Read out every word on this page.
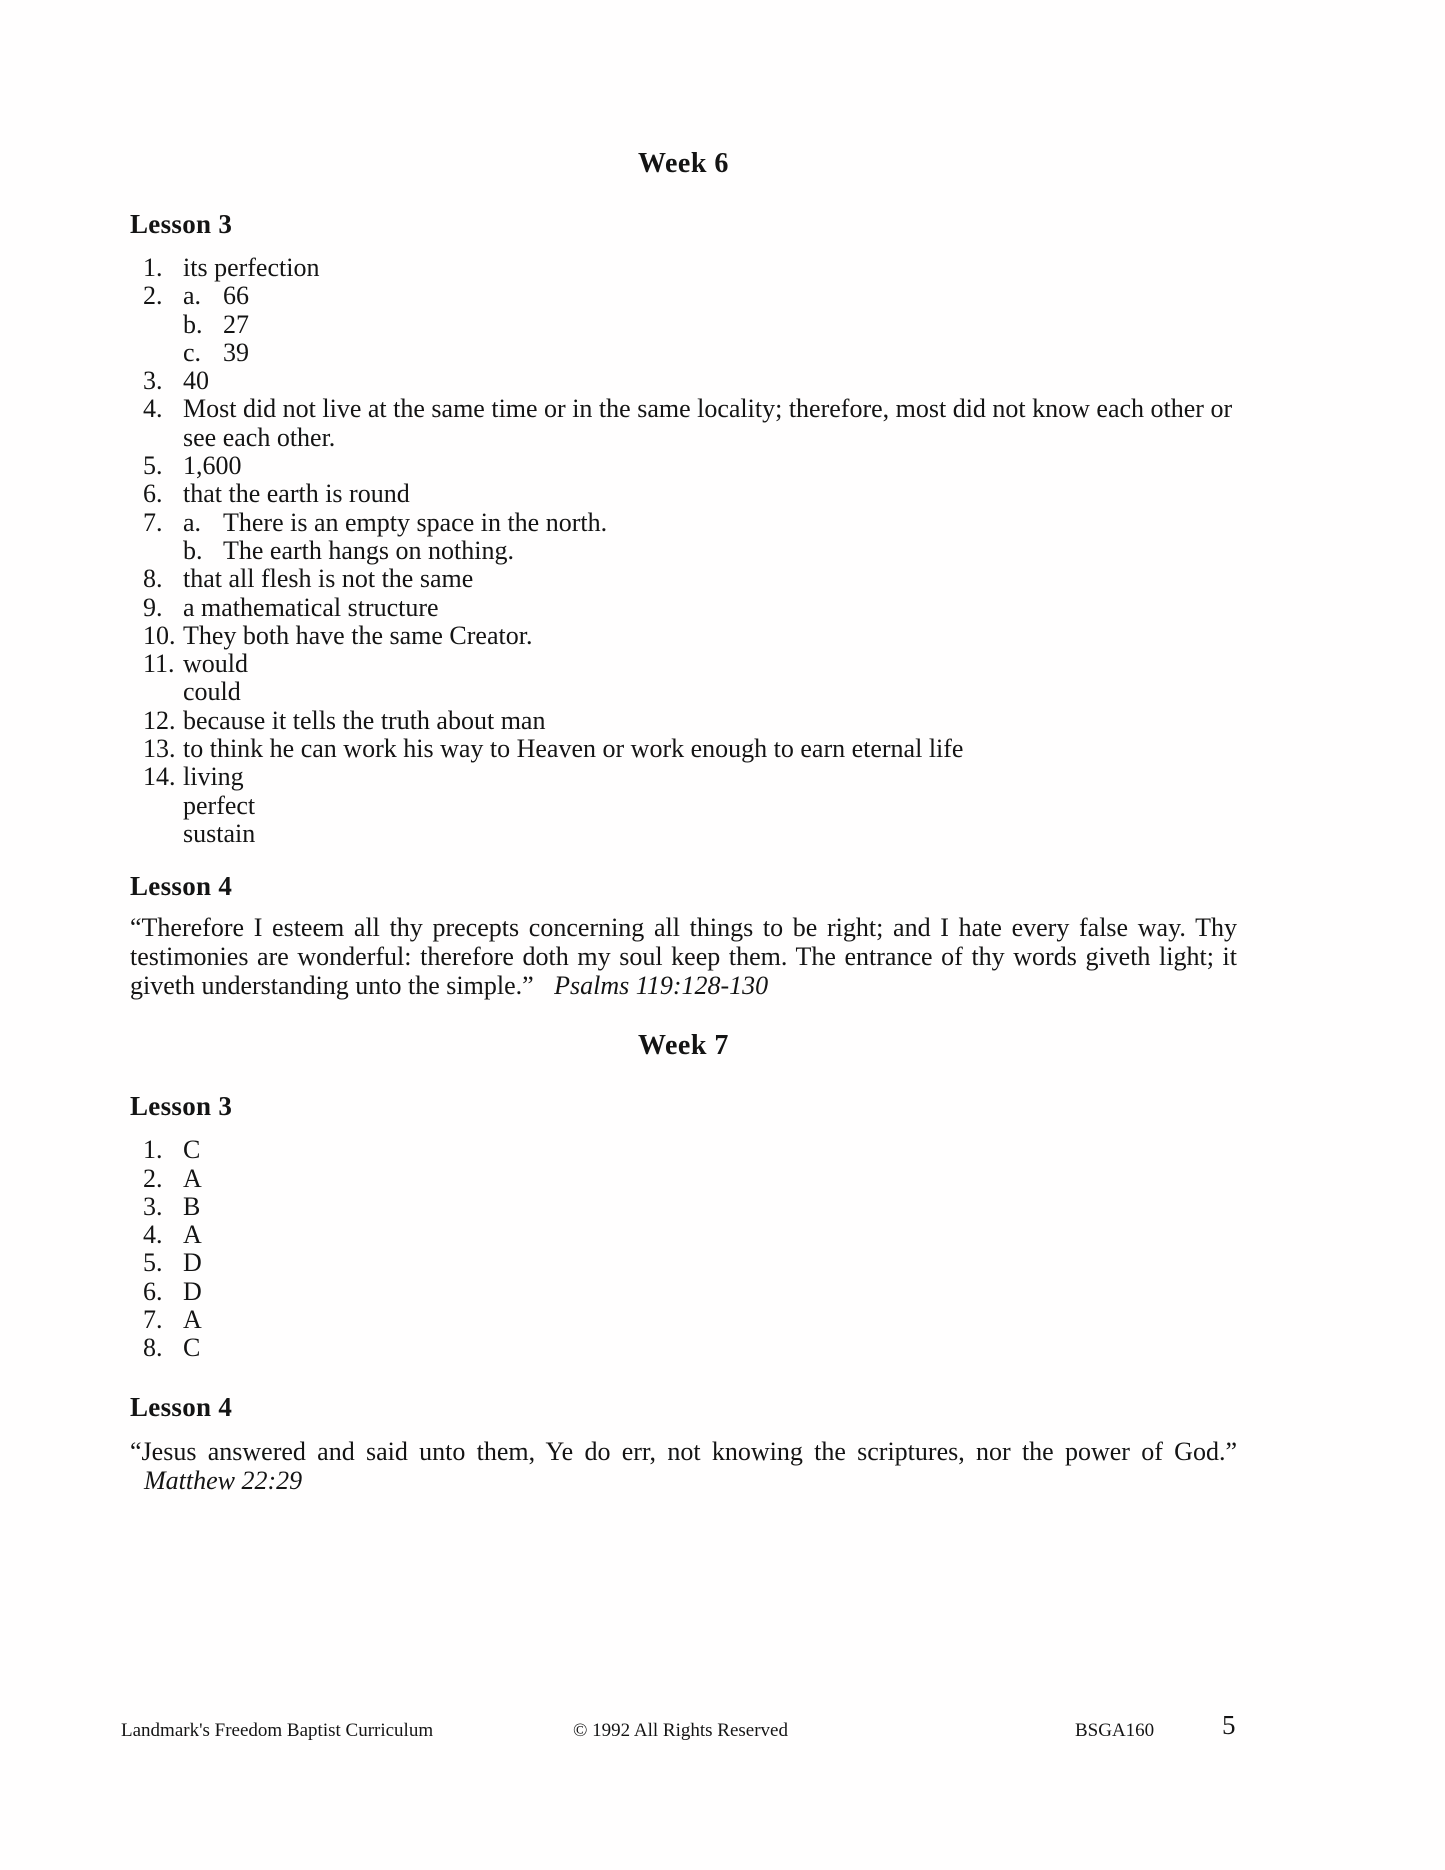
Week 6
Lesson 3
1. its perfection
2. a. 66
b. 27
c. 39
3. 40
4. Most did not live at the same time or in the same locality; therefore, most did not know each other or see each other.
5. 1,600
6. that the earth is round
7. a. There is an empty space in the north.
b. The earth hangs on nothing.
8. that all flesh is not the same
9. a mathematical structure
10. They both have the same Creator.
11. would
could
12. because it tells the truth about man
13. to think he can work his way to Heaven or work enough to earn eternal life
14. living
perfect
sustain
Lesson 4

“Therefore I esteem all thy precepts concerning all things to be right; and I hate every false way. Thy testimonies are wonderful: therefore doth my soul keep them. The entrance of thy words giveth light; it giveth understanding unto the simple.” Psalms 119:128-130

Week 7
Lesson 3
1. C
2. A
3. B
4. A
5. D
6. D
7. A
8. C
Lesson 4

“Jesus answered and said unto them, Ye do err, not knowing the scriptures, nor the power of God.” Matthew 22:29

Landmark's Freedom Baptist Curriculum	© 1992 All Rights Reserved	BSGA160	5
